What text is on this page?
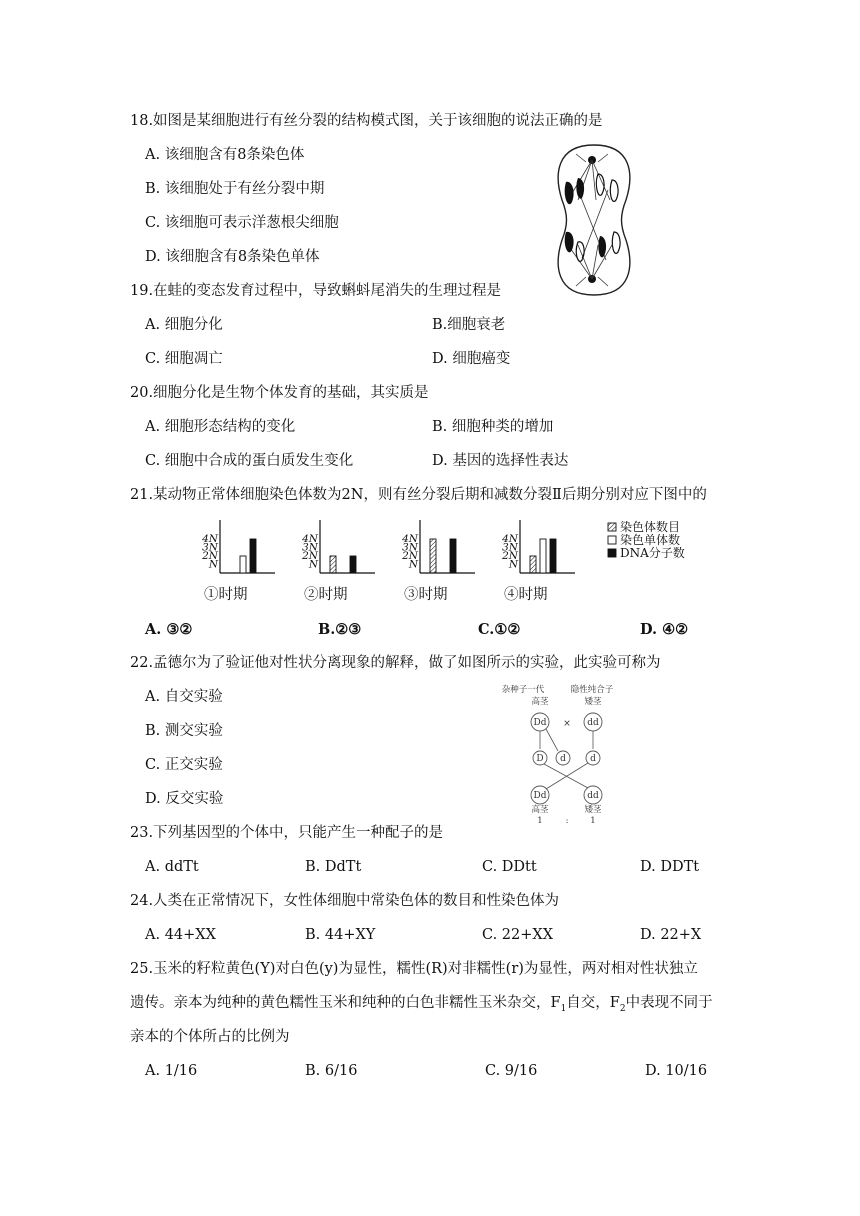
18.如图是某细胞进行有丝分裂的结构模式图，关于该细胞的说法正确的是
A. 该细胞含有8条染色体
B. 该细胞处于有丝分裂中期
C. 该细胞可表示洋葱根尖细胞
D. 该细胞含有8条染色单体
19.在蛙的变态发育过程中，导致蝌蚪尾消失的生理过程是
A. 细胞分化	B.细胞衰老
C. 细胞凋亡	D. 细胞癌变
20.细胞分化是生物个体发育的基础，其实质是
A. 细胞形态结构的变化	B. 细胞种类的增加
C. 细胞中合成的蛋白质发生变化	D. 基因的选择性表达
21.某动物正常体细胞染色体数为2N，则有丝分裂后期和减数分裂Ⅱ后期分别对应下图中的
4N
3N
2N
N
①时期
4N
3N
2N
N
②时期
4N
3N
2N
N
③时期
4N
3N
2N
N
④时期
染色体数目
染色单体数
DNA分子数
A. ③②	B.②③	C.①②	D. ④②
22.孟德尔为了验证他对性状分离现象的解释，做了如图所示的实验，此实验可称为
A. 自交实验
B. 测交实验
C. 正交实验
D. 反交实验
杂种子一代	隐性纯合子
高茎	矮茎
Dd	dd
×
D d	d
Dd	dd
高茎	矮茎
1	:	1
23.下列基因型的个体中，只能产生一种配子的是
A. ddTt	B. DdTt	C. DDtt	D. DDTt
24.人类在正常情况下，女性体细胞中常染色体的数目和性染色体为
A. 44+XX	B. 44+XY	C. 22+XX	D. 22+X
25.玉米的籽粒黄色(Y)对白色(y)为显性，糯性(R)对非糯性(r)为显性，两对相对性状独立
遗传。亲本为纯种的黄色糯性玉米和纯种的白色非糯性玉米杂交，$F_1$自交，$F_2$中表现不同于
亲本的个体所占的比例为
A. 1/16	B. 6/16	C. 9/16	D. 10/16
